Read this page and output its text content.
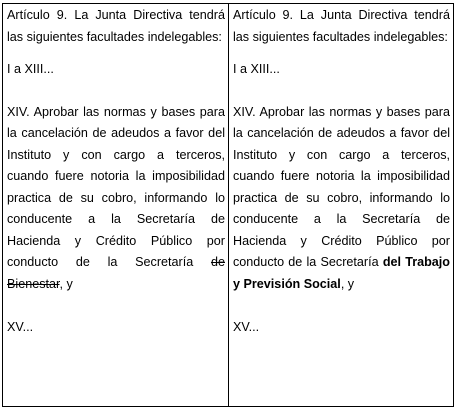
Artículo 9. La Junta Directiva tendrá las siguientes facultades indelegables:

I a XIII...

XIV. Aprobar las normas y bases para la cancelación de adeudos a favor del Instituto y con cargo a terceros, cuando fuere notoria la imposibilidad practica de su cobro, informando lo conducente a la Secretaría de Hacienda y Crédito Público por conducto de la Secretaría de Bienestar, y

XV...

Artículo 9. La Junta Directiva tendrá las siguientes facultades indelegables:

I a XIII...

XIV. Aprobar las normas y bases para la cancelación de adeudos a favor del Instituto y con cargo a terceros, cuando fuere notoria la imposibilidad practica de su cobro, informando lo conducente a la Secretaría de Hacienda y Crédito Público por conducto de la Secretaría del Trabajo y Previsión Social, y

XV...
